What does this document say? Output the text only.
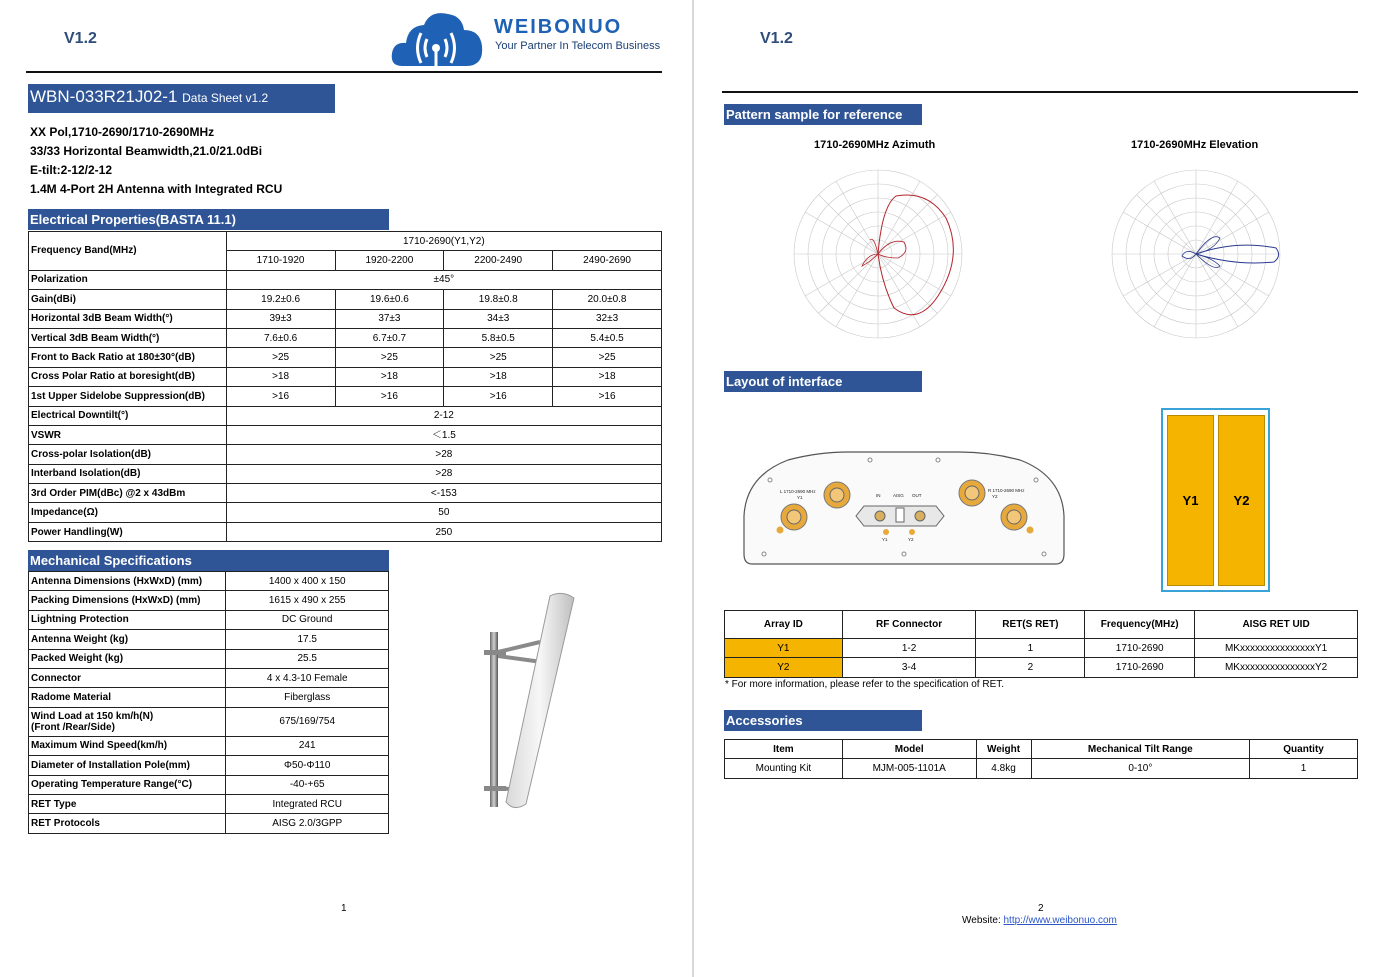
V1.2
WEIBONUO
Your Partner In Telecom Business
WBN-033R21J02-1 Data Sheet v1.2
XX Pol,1710-2690/1710-2690MHz
33/33 Horizontal Beamwidth,21.0/21.0dBi
E-tilt:2-12/2-12
1.4M 4-Port 2H Antenna with Integrated RCU
Electrical Properties(BASTA 11.1)
Frequency Band(MHz)	1710-2690(Y1,Y2)			
	1710-1920	1920-2200	2200-2490	2490-2690
Polarization	±45°			
Gain(dBi)	19.2±0.6	19.6±0.6	19.8±0.8	20.0±0.8
Horizontal 3dB Beam Width(°)	39±3	37±3	34±3	32±3
Vertical 3dB Beam Width(°)	7.6±0.6	6.7±0.7	5.8±0.5	5.4±0.5
Front to Back Ratio at 180±30°(dB)	>25	>25	>25	>25
Cross Polar Ratio at boresight(dB)	>18	>18	>18	>18
1st Upper Sidelobe Suppression(dB)	>16	>16	>16	>16
Electrical Downtilt(°)	2-12			
VSWR	＜1.5			
Cross-polar Isolation(dB)	>28			
Interband Isolation(dB)	>28			
3rd Order PIM(dBc) @2 x 43dBm	<-153			
Impedance(Ω)	50			
Power Handling(W)	250			
Mechanical Specifications
Antenna Dimensions (HxWxD) (mm)	1400 x 400 x 150
Packing Dimensions (HxWxD) (mm)	1615 x 490 x 255
Lightning Protection	DC Ground
Antenna Weight (kg)	17.5
Packed Weight (kg)	25.5
Connector	4 x 4.3-10 Female
Radome Material	Fiberglass
Wind Load at 150 km/h(N)
(Front /Rear/Side)	675/169/754
Maximum Wind Speed(km/h)	241
Diameter of Installation Pole(mm)	Φ50-Φ110
Operating Temperature Range(°C)	-40-+65
RET Type	Integrated RCU
RET Protocols	AISG 2.0/3GPP
1
V1.2
Pattern sample for reference
1710-2690MHz Azimuth	1710-2690MHz Elevation
Layout of interface
L 1710-2690 MHz
Y1
R 1710-2690 MHz
Y2
IN	AISG OUT
Y1	Y2
Y1	Y2
Array ID	RF Connector	RET(S RET)	Frequency(MHz)	AISG RET UID
Y1	1-2	1	1710-2690	MKxxxxxxxxxxxxxxxY1
Y2	3-4	2	1710-2690	MKxxxxxxxxxxxxxxxY2
* For more information, please refer to the specification of RET.
Accessories
Item	Model	Weight	Mechanical Tilt Range	Quantity
Mounting Kit	MJM-005-1101A	4.8kg	0-10°	1
2
Website: http://www.weibonuo.com
